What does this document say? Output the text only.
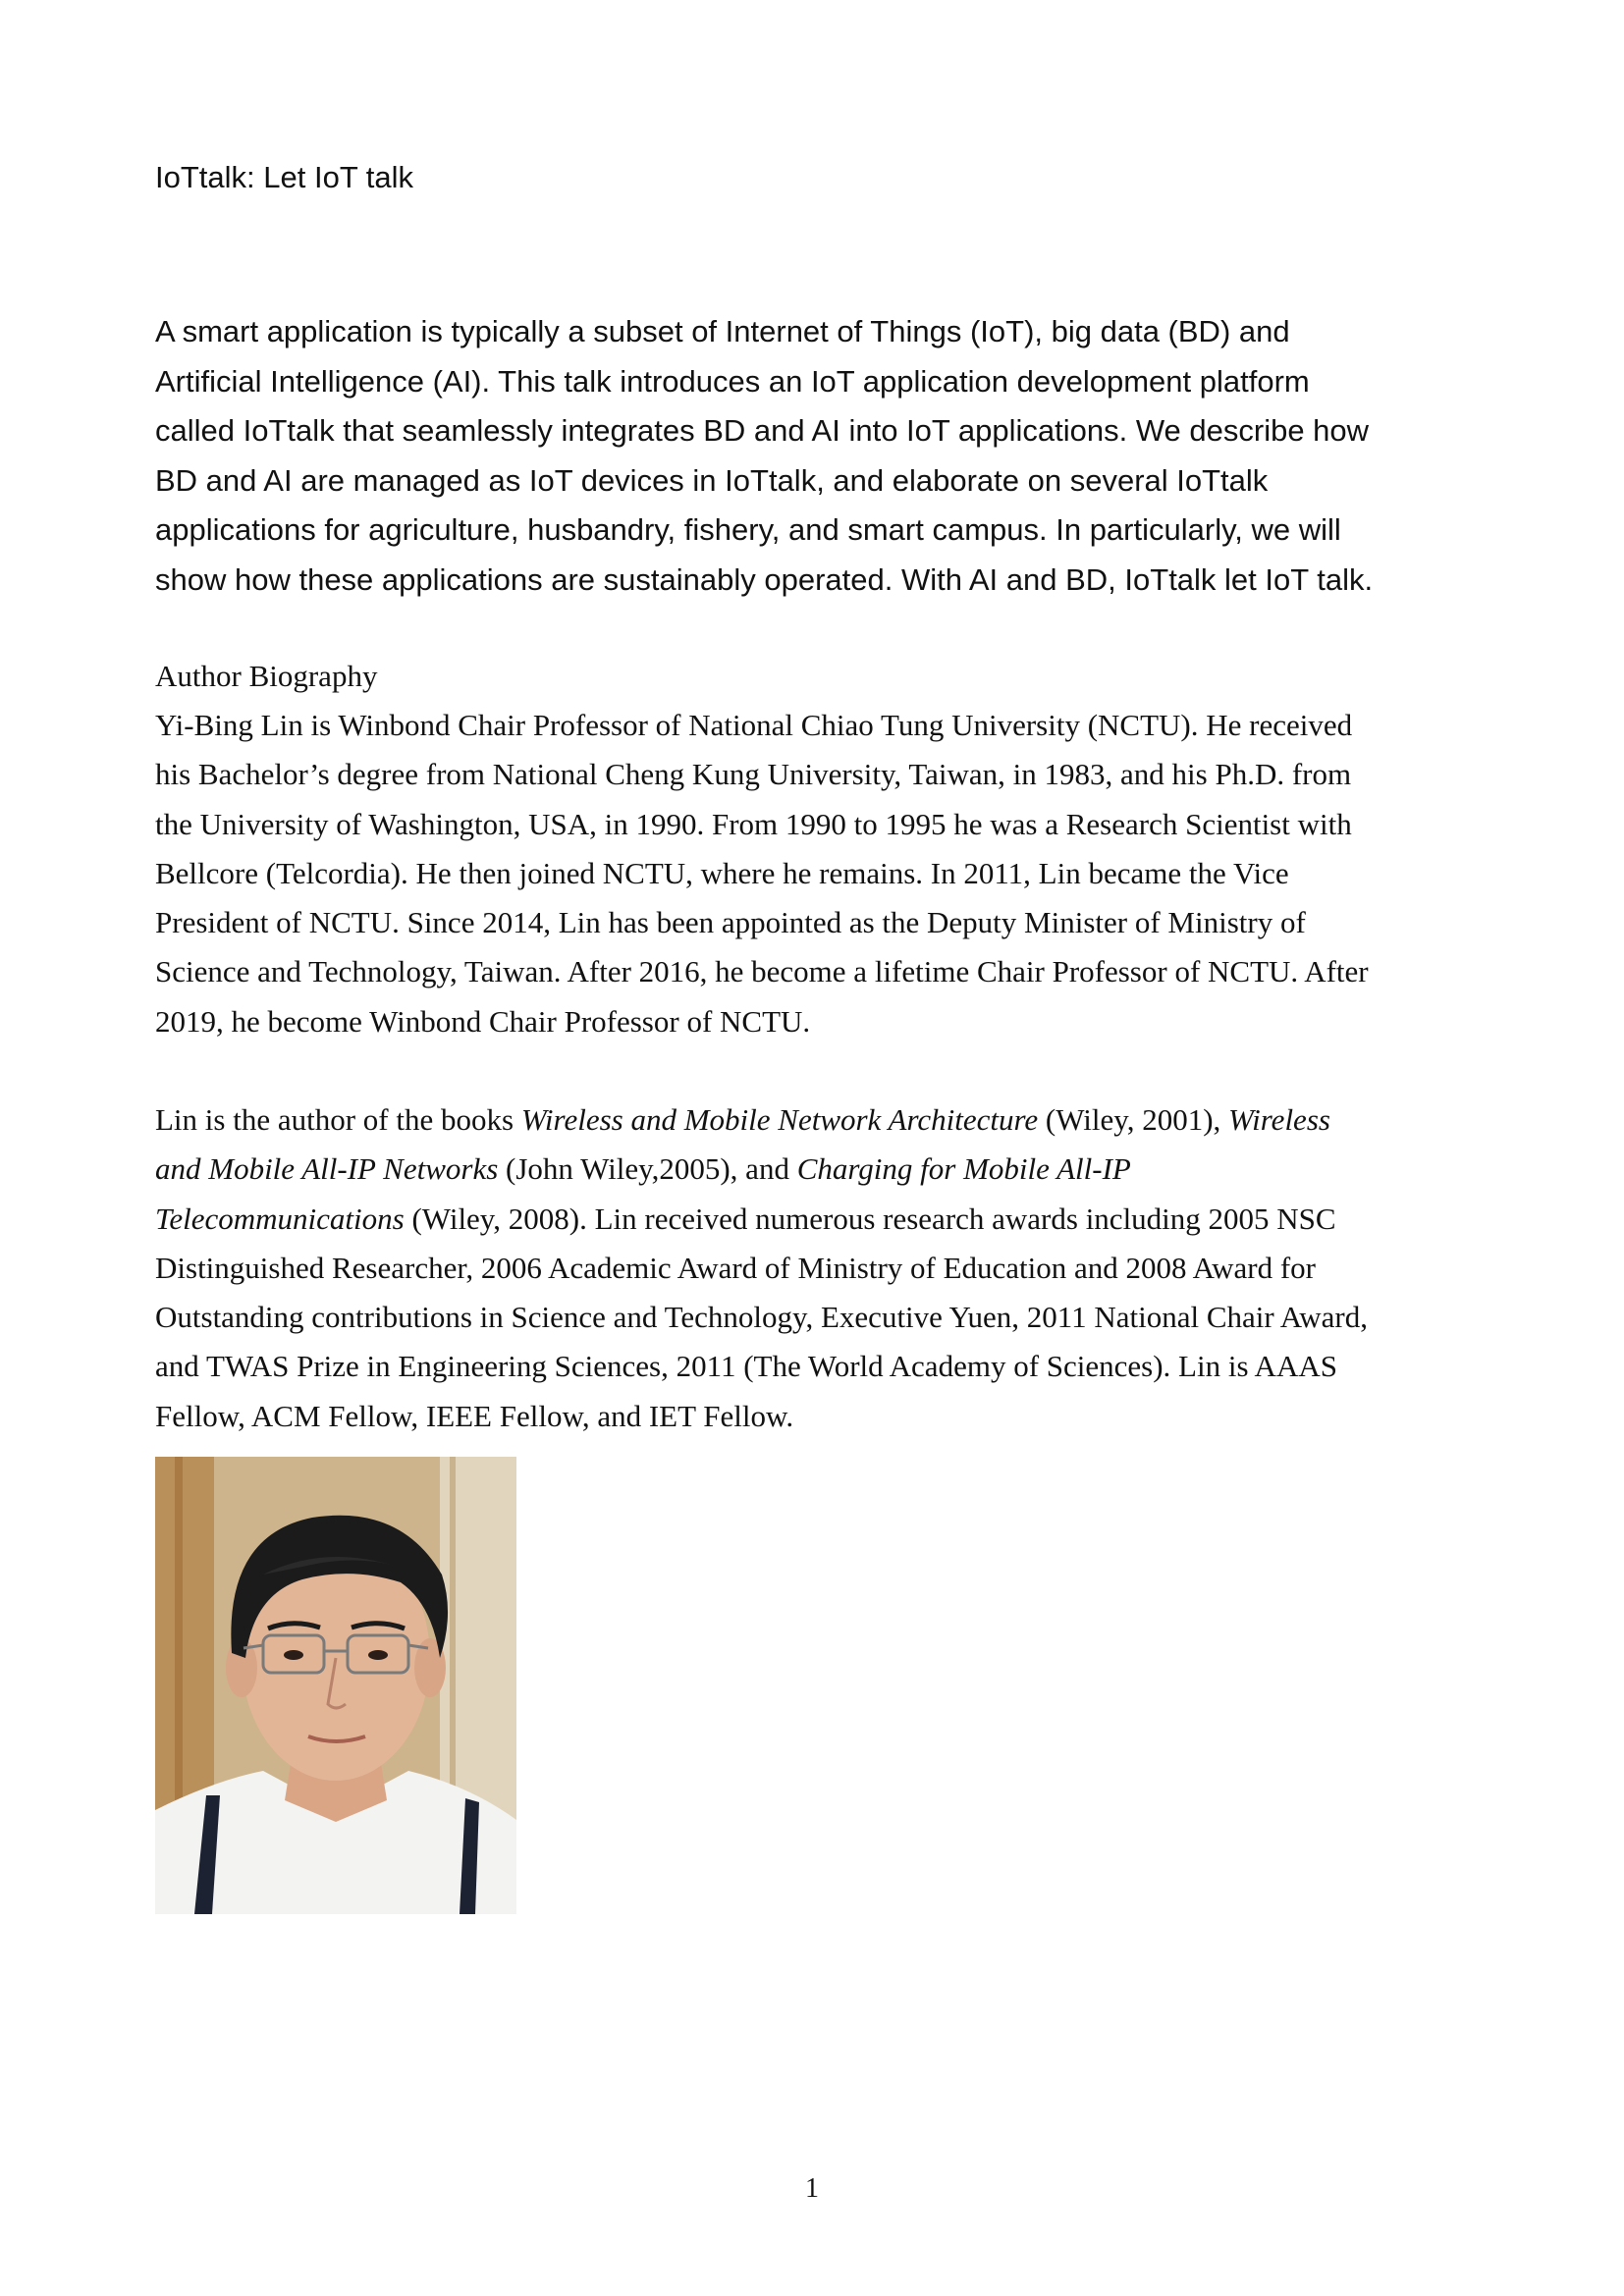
IoTtalk: Let IoT talk
A smart application is typically a subset of Internet of Things (IoT), big data (BD) and
Artificial Intelligence (AI). This talk introduces an IoT application development platform
called IoTtalk that seamlessly integrates BD and AI into IoT applications. We describe how
BD and AI are managed as IoT devices in IoTtalk, and elaborate on several IoTtalk
applications for agriculture, husbandry, fishery, and smart campus. In particularly, we will
show how these applications are sustainably operated. With AI and BD, IoTtalk let IoT talk.
Author Biography
Yi-Bing Lin is Winbond Chair Professor of National Chiao Tung University (NCTU). He received
his Bachelor’s degree from National Cheng Kung University, Taiwan, in 1983, and his Ph.D. from
the University of Washington, USA, in 1990. From 1990 to 1995 he was a Research Scientist with
Bellcore (Telcordia). He then joined NCTU, where he remains. In 2011, Lin became the Vice
President of NCTU. Since 2014, Lin has been appointed as the Deputy Minister of Ministry of
Science and Technology, Taiwan. After 2016, he become a lifetime Chair Professor of NCTU. After
2019, he become Winbond Chair Professor of NCTU.
Lin is the author of the books Wireless and Mobile Network Architecture (Wiley, 2001), Wireless
and Mobile All-IP Networks (John Wiley,2005), and Charging for Mobile All-IP
Telecommunications (Wiley, 2008). Lin received numerous research awards including 2005 NSC
Distinguished Researcher, 2006 Academic Award of Ministry of Education and 2008 Award for
Outstanding contributions in Science and Technology, Executive Yuen, 2011 National Chair Award,
and TWAS Prize in Engineering Sciences, 2011 (The World Academy of Sciences). Lin is AAAS
Fellow, ACM Fellow, IEEE Fellow, and IET Fellow.
1
